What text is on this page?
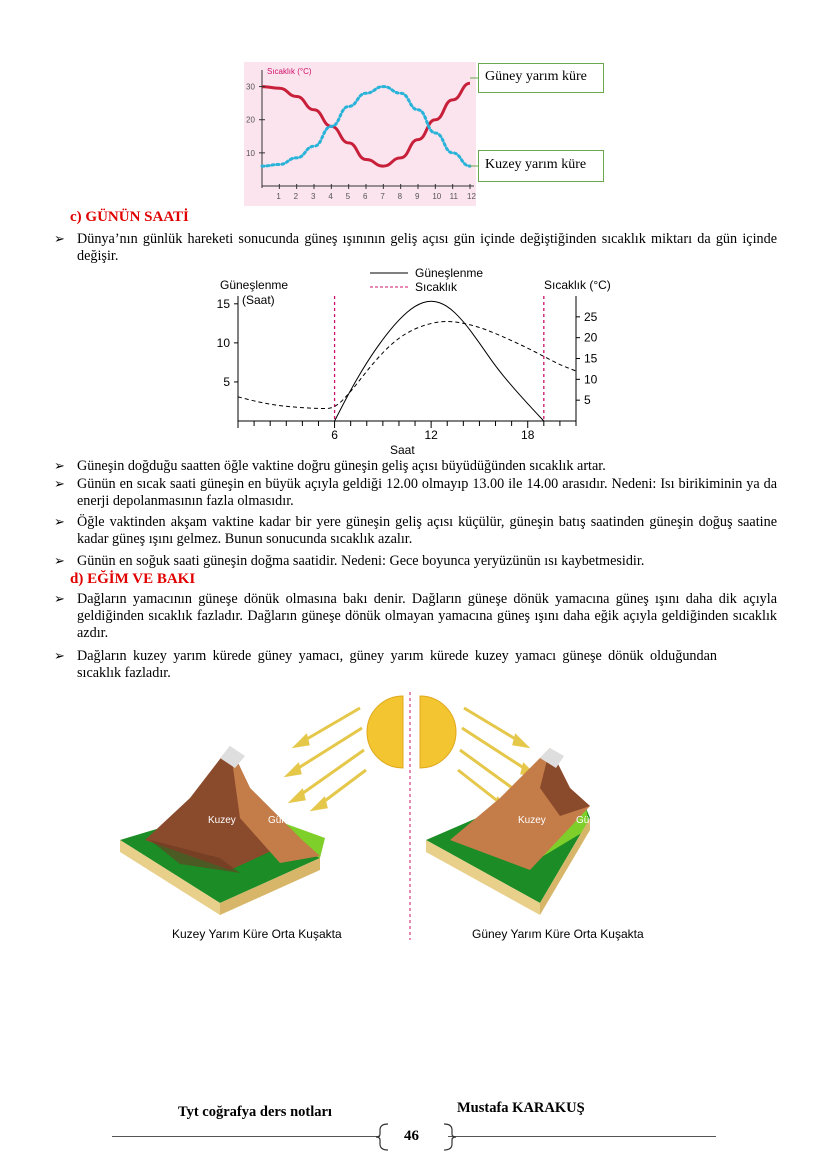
Sıcaklık (°C)
30
20
10
1 2 3 4 5 6 7 8 9 10 11 12
Güney yarım küre
Kuzey yarım küre
c) GÜNÜN SAATİ
➢ Dünya’nın günlük hareketi sonucunda güneş ışınının geliş açısı gün içinde değiştiğinden sıcaklık miktarı da gün içinde değişir.
15
10
5
25
20
15
10
5
6	12	18
Güneşlenme
Sıcaklık
Güneşlenme
(Saat)
Sıcaklık (°C)
Saat
➢ Güneşin doğduğu saatten öğle vaktine doğru güneşin geliş açısı büyüdüğünden sıcaklık artar.
➢ Günün en sıcak saati güneşin en büyük açıyla geldiği 12.00 olmayıp 13.00 ile 14.00 arasıdır. Nedeni: Isı birikiminin ya da enerji depolanmasının fazla olmasıdır.
➢ Öğle vaktinden akşam vaktine kadar bir yere güneşin geliş açısı küçülür, güneşin batış saatinden güneşin doğuş saatine kadar güneş ışını gelmez. Bunun sonucunda sıcaklık azalır.
➢ Günün en soğuk saati güneşin doğma saatidir. Nedeni: Gece boyunca yeryüzünün ısı kaybetmesidir.
d) EĞİM VE BAKI
➢ Dağların yamacının güneşe dönük olmasına bakı denir. Dağların güneşe dönük yamacına güneş ışını daha dik açıyla geldiğinden sıcaklık fazladır. Dağların güneşe dönük olmayan yamacına güneş ışını daha eğik açıyla geldiğinden sıcaklık azdır.
➢ Dağların kuzey yarım kürede güney yamacı, güney yarım kürede kuzey yamacı güneşe dönük olduğundan sıcaklık fazladır.
Kuzey	Güney	Kuzey	Güney
Kuzey Yarım Küre Orta Kuşakta	Güney Yarım Küre Orta Kuşakta
Tyt coğrafya ders notları	Mustafa KARAKUŞ
46
